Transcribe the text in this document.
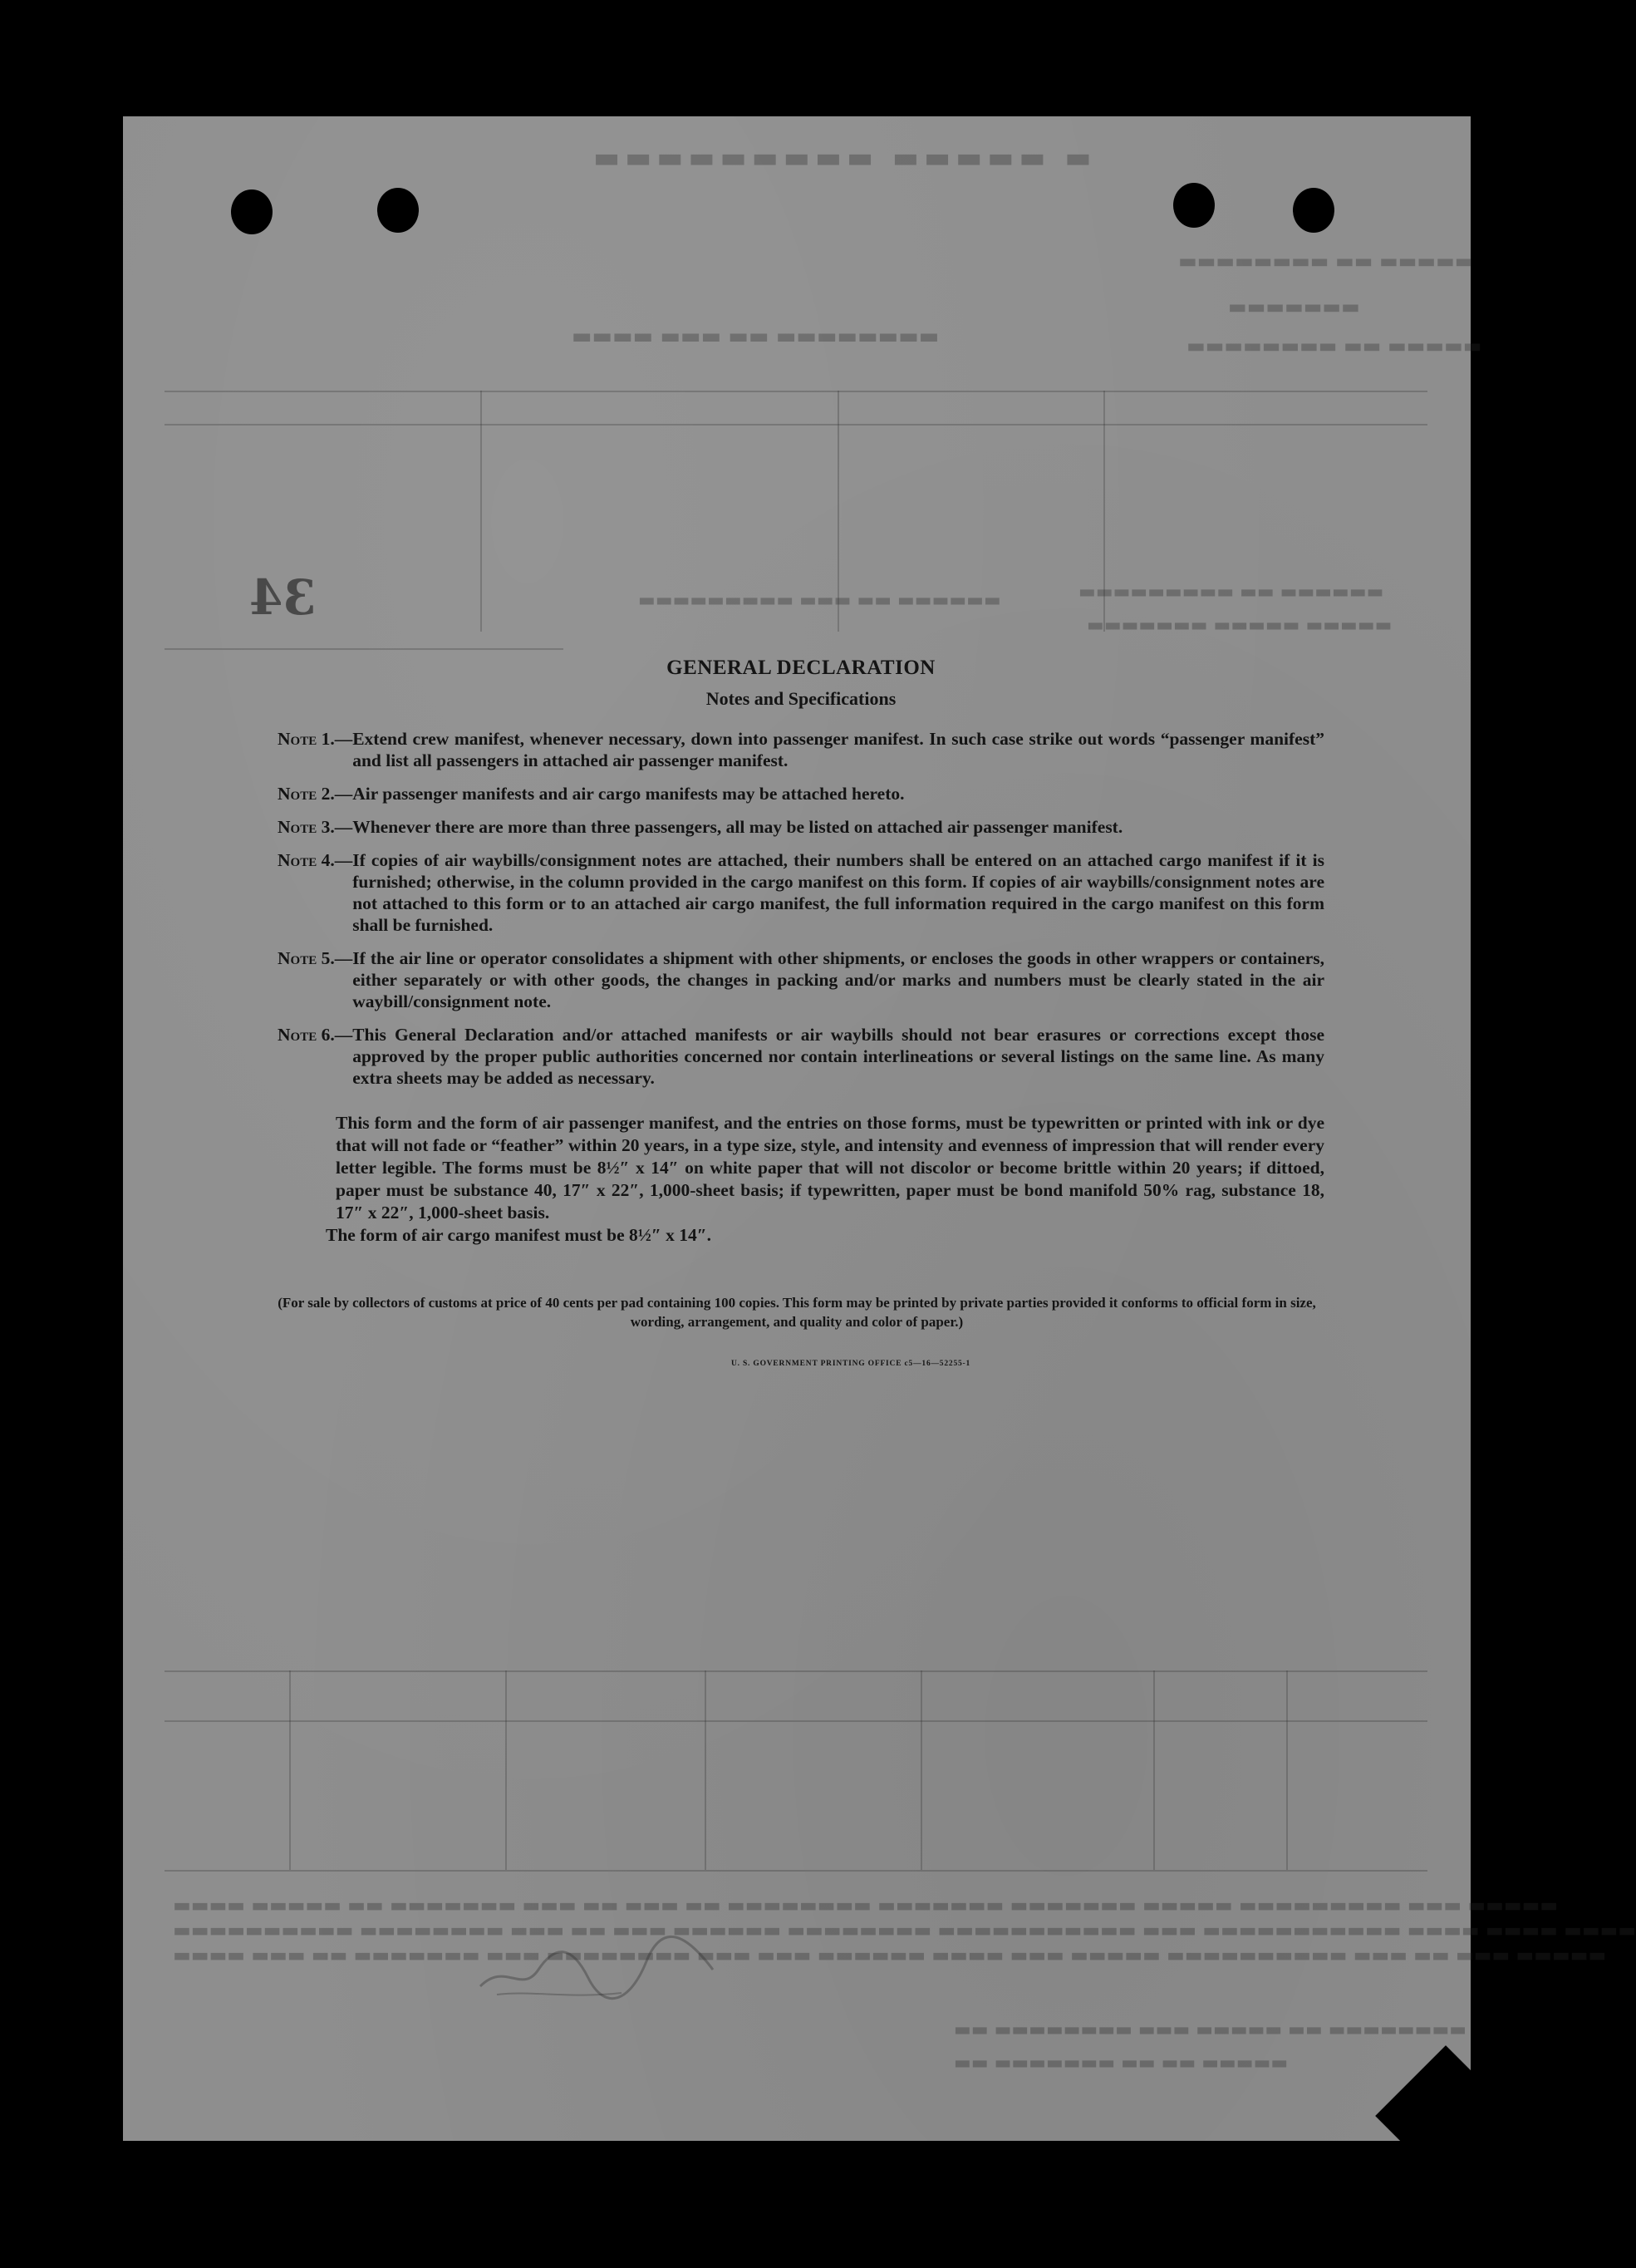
▬ ▬▬▬▬▬ ▬▬▬▬▬▬▬▬▬
▬▬▬▬▬ ▬▬ ▬▬▬▬▬▬▬▬
▬▬▬▬▬▬▬
▬▬▬▬▬ ▬▬ ▬▬▬▬▬▬▬▬
▬▬▬▬▬▬▬▬ ▬▬ ▬▬▬ ▬▬▬▬
▬▬▬▬▬▬ ▬▬ ▬▬▬ ▬▬▬▬▬▬▬▬▬	▬▬▬▬▬▬ ▬▬ ▬▬▬▬▬▬▬▬▬
▬▬▬▬▬ ▬▬▬▬▬ ▬▬▬▬▬▬▬
▬▬▬▬▬ ▬▬▬ ▬▬▬▬▬▬▬▬▬ ▬▬▬▬▬ ▬▬▬▬▬▬▬ ▬▬▬▬▬▬▬ ▬▬▬▬▬▬▬▬ ▬▬ ▬▬▬ ▬▬ ▬▬▬ ▬▬▬▬▬▬▬ ▬▬ ▬▬▬▬▬ ▬▬▬▬
▬▬▬▬ ▬▬▬▬ ▬▬▬▬ ▬▬▬▬▬▬▬▬▬▬▬ ▬▬▬ ▬▬▬▬▬▬▬▬▬▬▬ ▬▬▬▬▬▬▬▬ ▬▬▬▬▬▬ ▬▬▬ ▬▬ ▬▬▬ ▬▬▬▬▬▬▬▬ ▬▬▬▬▬▬▬▬▬▬
▬▬▬▬▬ ▬▬▬ ▬▬ ▬▬▬ ▬▬▬▬▬▬▬▬▬▬ ▬▬▬▬▬ ▬▬▬ ▬▬▬▬ ▬▬▬▬▬▬ ▬▬▬ ▬▬▬ ▬▬▬▬▬▬▬▬ ▬▬▬ ▬▬▬▬▬▬▬ ▬▬ ▬▬▬ ▬▬▬▬
▬▬▬▬▬▬▬▬ ▬▬ ▬▬▬▬▬ ▬▬▬ ▬▬▬▬▬▬▬▬ ▬▬
▬▬▬▬▬ ▬▬ ▬▬ ▬▬▬▬▬▬▬ ▬▬
34
GENERAL DECLARATION
Notes and Specifications
Note 1.— Extend crew manifest, whenever necessary, down into passenger manifest. In such case strike out words “passenger manifest” and list all passengers in attached air passenger manifest.
Note 2.— Air passenger manifests and air cargo manifests may be attached hereto.
Note 3.— Whenever there are more than three passengers, all may be listed on attached air passenger manifest.
Note 4.— If copies of air waybills/consignment notes are attached, their numbers shall be entered on an attached cargo manifest if it is furnished; otherwise, in the column provided in the cargo manifest on this form. If copies of air waybills/consignment notes are not attached to this form or to an attached air cargo manifest, the full information required in the cargo manifest on this form shall be furnished.
Note 5.— If the air line or operator consolidates a shipment with other shipments, or encloses the goods in other wrappers or containers, either separately or with other goods, the changes in packing and/or marks and numbers must be clearly stated in the air waybill/consignment note.
Note 6.— This General Declaration and/or attached manifests or air waybills should not bear erasures or corrections except those approved by the proper public authorities concerned nor contain interlineations or several listings on the same line. As many extra sheets may be added as necessary.
This form and the form of air passenger manifest, and the entries on those forms, must be typewritten or printed with ink or dye that will not fade or “feather” within 20 years, in a type size, style, and intensity and evenness of impression that will render every letter legible. The forms must be 8½″ x 14″ on white paper that will not discolor or become brittle within 20 years; if dittoed, paper must be substance 40, 17″ x 22″, 1,000-sheet basis; if typewritten, paper must be bond manifold 50% rag, substance 18, 17″ x 22″, 1,000-sheet basis.
The form of air cargo manifest must be 8½″ x 14″.
(For sale by collectors of customs at price of 40 cents per pad containing 100 copies. This form may be printed by private parties provided it conforms to official form in size, wording, arrangement, and quality and color of paper.)
U. S. GOVERNMENT PRINTING OFFICE c5—16—52255-1
